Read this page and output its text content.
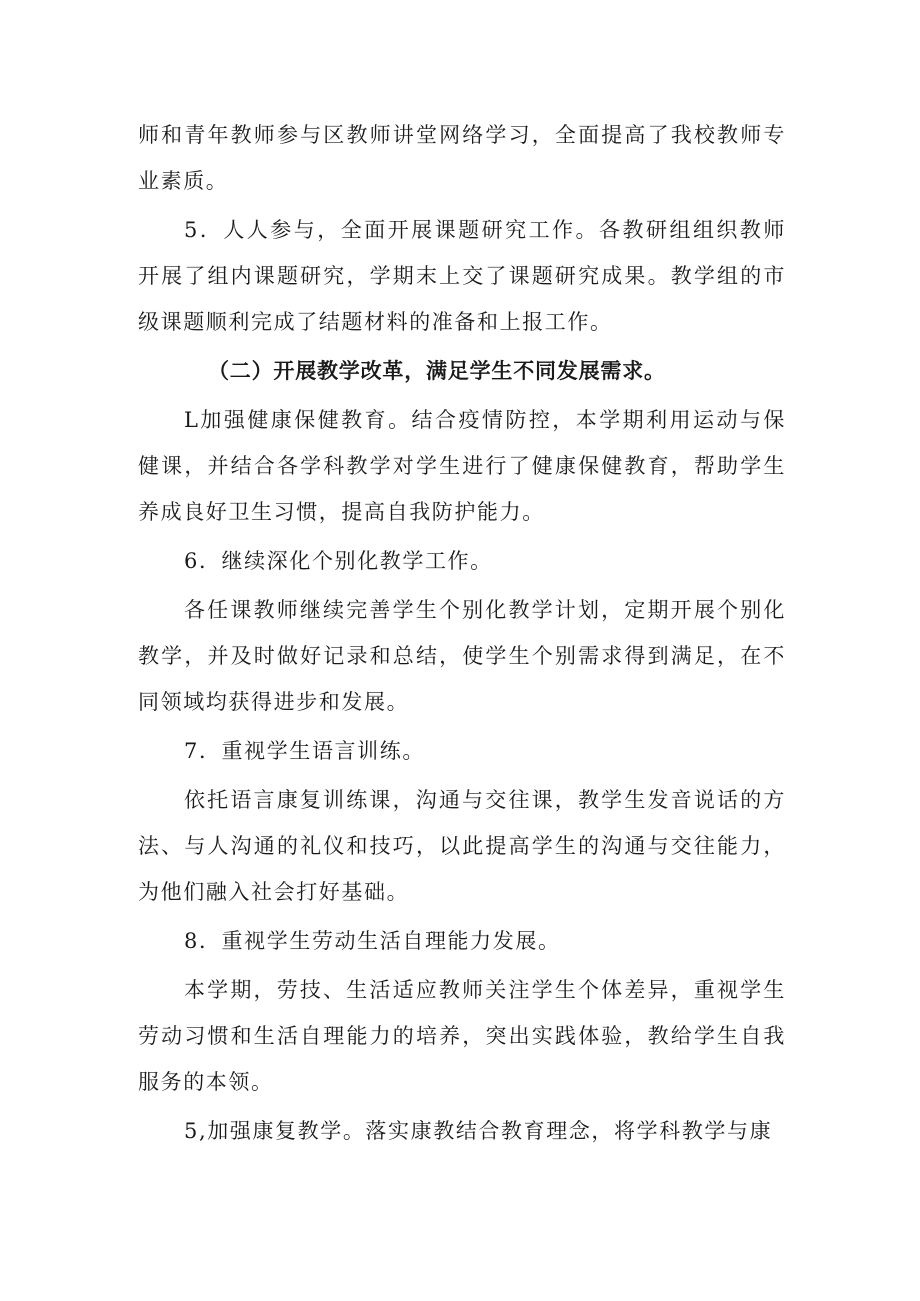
师和青年教师参与区教师讲堂网络学习，全面提高了我校教师专业素质。

5．人人参与，全面开展课题研究工作。各教研组组织教师开展了组内课题研究，学期末上交了课题研究成果。教学组的市级课题顺利完成了结题材料的准备和上报工作。

（二）开展教学改革，满足学生不同发展需求。

L加强健康保健教育。结合疫情防控，本学期利用运动与保健课，并结合各学科教学对学生进行了健康保健教育，帮助学生养成良好卫生习惯，提高自我防护能力。

6．继续深化个别化教学工作。

各任课教师继续完善学生个别化教学计划，定期开展个别化教学，并及时做好记录和总结，使学生个别需求得到满足，在不同领域均获得进步和发展。

7．重视学生语言训练。

依托语言康复训练课，沟通与交往课，教学生发音说话的方法、与人沟通的礼仪和技巧，以此提高学生的沟通与交往能力，为他们融入社会打好基础。

8．重视学生劳动生活自理能力发展。

本学期，劳技、生活适应教师关注学生个体差异，重视学生劳动习惯和生活自理能力的培养，突出实践体验，教给学生自我服务的本领。

5,加强康复教学。落实康教结合教育理念，将学科教学与康
